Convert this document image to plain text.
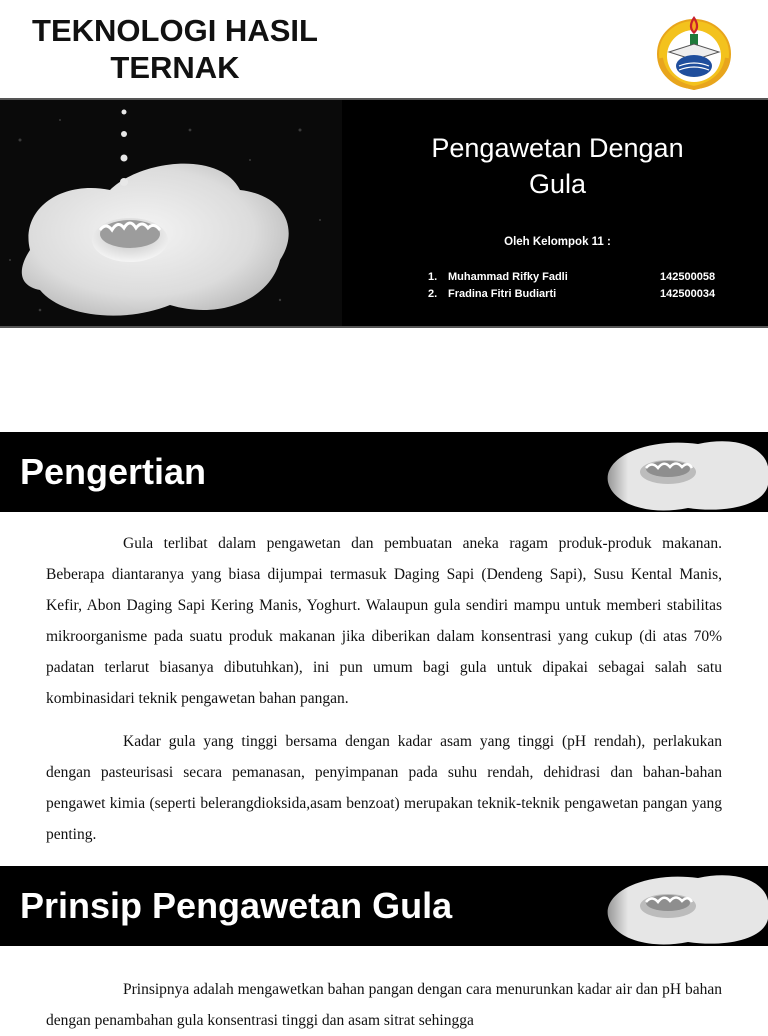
TEKNOLOGI HASIL
TERNAK
Pengawetan Dengan
Gula
Oleh Kelompok 11 :
1. Muhammad Rifky Fadli	142500058
2. Fradina Fitri Budiarti	142500034
Pengertian

Gula terlibat dalam pengawetan dan pembuatan aneka ragam produk-produk makanan. Beberapa diantaranya yang biasa dijumpai termasuk Daging Sapi (Dendeng Sapi), Susu Kental Manis, Kefir, Abon Daging Sapi Kering Manis, Yoghurt. Walaupun gula sendiri mampu untuk memberi stabilitas mikroorganisme pada suatu produk makanan jika diberikan dalam konsentrasi yang cukup (di atas 70% padatan terlarut biasanya dibutuhkan), ini pun umum bagi gula untuk dipakai sebagai salah satu kombinasidari teknik pengawetan bahan pangan.

Kadar gula yang tinggi bersama dengan kadar asam yang tinggi (pH rendah), perlakukan dengan pasteurisasi secara pemanasan, penyimpanan pada suhu rendah, dehidrasi dan bahan-bahan pengawet kimia (seperti belerangdioksida,asam benzoat) merupakan teknik-teknik pengawetan pangan yang penting.

Prinsip Pengawetan Gula

Prinsipnya adalah mengawetkan bahan pangan dengan cara menurunkan kadar air dan pH bahan dengan penambahan gula konsentrasi tinggi dan asam sitrat sehingga
